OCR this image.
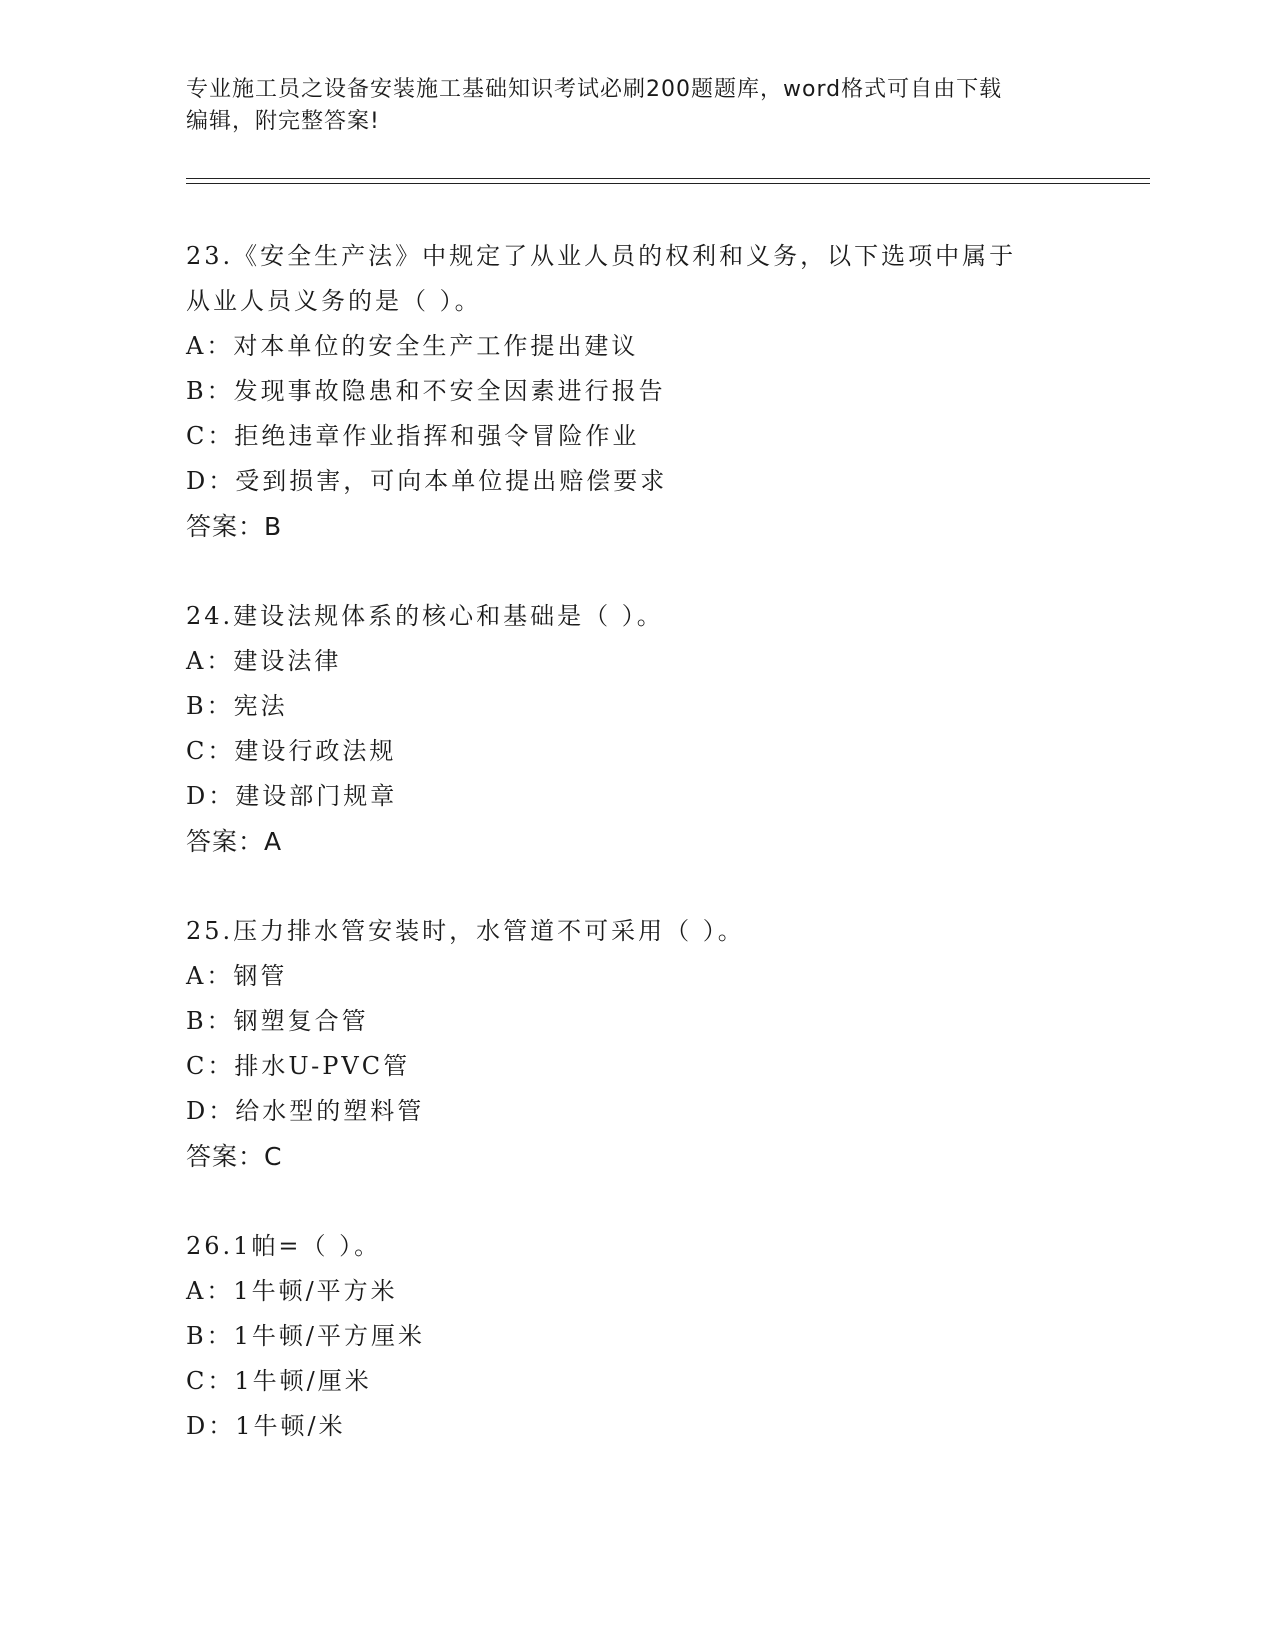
专业施工员之设备安装施工基础知识考试必刷200题题库，word格式可自由下载
编辑，附完整答案!
23.《安全生产法》中规定了从业人员的权利和义务，以下选项中属于
从业人员义务的是（ ）。
A：对本单位的安全生产工作提出建议
B：发现事故隐患和不安全因素进行报告
C：拒绝违章作业指挥和强令冒险作业
D：受到损害，可向本单位提出赔偿要求
答案：B
24.建设法规体系的核心和基础是（ ）。
A：建设法律
B：宪法
C：建设行政法规
D：建设部门规章
答案：A
25.压力排水管安装时，水管道不可采用（ ）。
A：钢管
B：钢塑复合管
C：排水U-PVC管
D：给水型的塑料管
答案：C
26.1帕=（ ）。
A：1牛顿/平方米
B：1牛顿/平方厘米
C：1牛顿/厘米
D：1牛顿/米
